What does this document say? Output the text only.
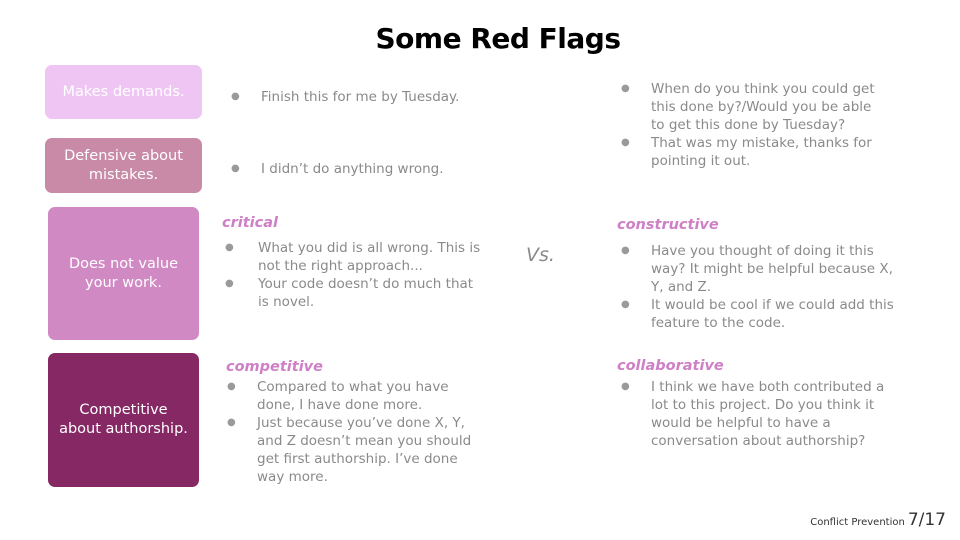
Some Red Flags
Makes demands.
Defensive about mistakes.
Does not value your work.
Competitive about authorship.
● Finish this for me by Tuesday.
● I didn’t do anything wrong.
critical
● What you did is all wrong. This is not the right approach...
● Your code doesn’t do much that is novel.
competitive
● Compared to what you have done, I have done more.
● Just because you’ve done X, Y, and Z doesn’t mean you should get first authorship. I’ve done way more.
Vs.
● When do you think you could get this done by?/Would you be able to get this done by Tuesday?
● That was my mistake, thanks for pointing it out.
constructive
● Have you thought of doing it this way? It might be helpful because X, Y, and Z.
● It would be cool if we could add this feature to the code.
collaborative
● I think we have both contributed a lot to this project. Do you think it would be helpful to have a conversation about authorship?
Conflict Prevention 7/17
